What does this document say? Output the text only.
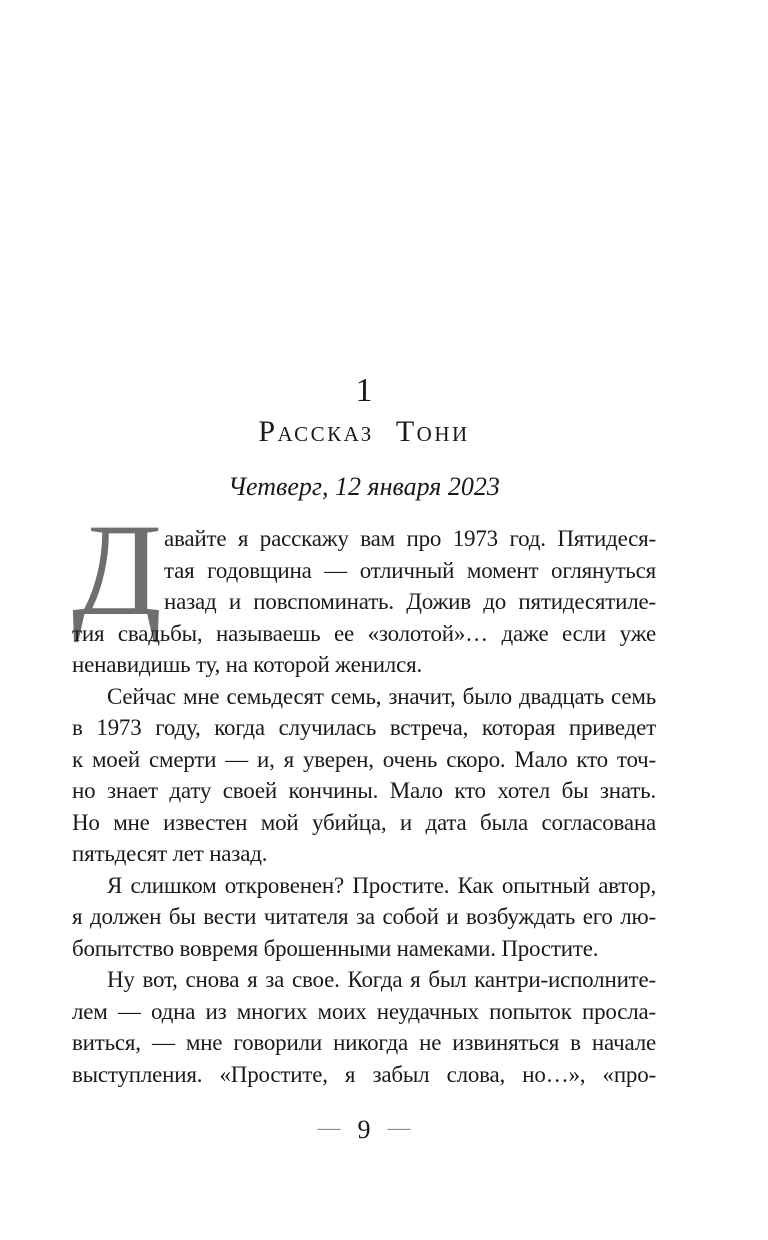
1
Рассказ Тони
Четверг, 12 января 2023
Д авайте я расскажу вам про 1973 год. Пятидеся-
тая годовщина — отличный момент оглянуться
назад и повспоминать. Дожив до пятидесятиле-
тия свадьбы, называешь ее «золотой»… даже если уже
ненавидишь ту, на которой женился.
Сейчас мне семьдесят семь, значит, было двадцать семь
в 1973 году, когда случилась встреча, которая приведет
к моей смерти — и, я уверен, очень скоро. Мало кто точ-
но знает дату своей кончины. Мало кто хотел бы знать.
Но мне известен мой убийца, и дата была согласована
пятьдесят лет назад.
Я слишком откровенен? Простите. Как опытный автор,
я должен бы вести читателя за собой и возбуждать его лю-
бопытство вовремя брошенными намеками. Простите.
Ну вот, снова я за свое. Когда я был кантри-исполните-
лем — одна из многих моих неудачных попыток просла-
виться, — мне говорили никогда не извиняться в начале
выступления. «Простите, я забыл слова, но…», «про-
— 9 —
